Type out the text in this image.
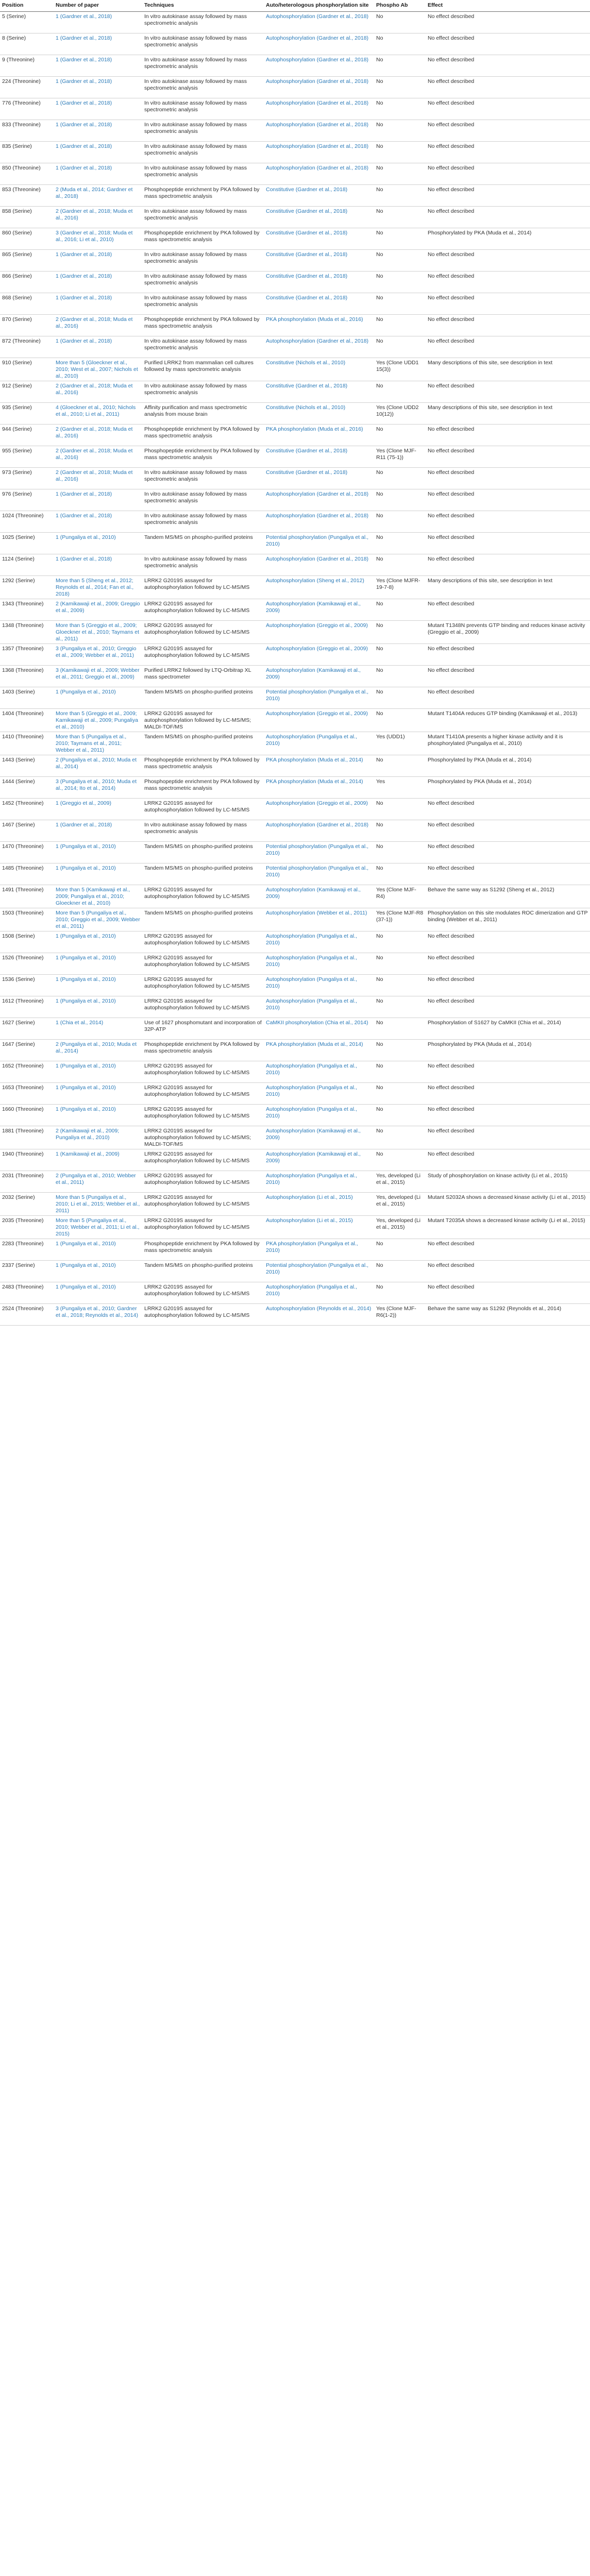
Position	Number of paper	Techniques	Auto/heterologous phosphorylation site	Phospho Ab	Effect
5 (Serine)	1 (Gardner et al., 2018)	In vitro autokinase assay followed by mass spectrometric analysis	Autophosphorylation (Gardner et al., 2018)	No	No effect described
8 (Serine)	1 (Gardner et al., 2018)	In vitro autokinase assay followed by mass spectrometric analysis	Autophosphorylation (Gardner et al., 2018)	No	No effect described
9 (Threonine)	1 (Gardner et al., 2018)	In vitro autokinase assay followed by mass spectrometric analysis	Autophosphorylation (Gardner et al., 2018)	No	No effect described
224 (Threonine)	1 (Gardner et al., 2018)	In vitro autokinase assay followed by mass spectrometric analysis	Autophosphorylation (Gardner et al., 2018)	No	No effect described
776 (Threonine)	1 (Gardner et al., 2018)	In vitro autokinase assay followed by mass spectrometric analysis	Autophosphorylation (Gardner et al., 2018)	No	No effect described
833 (Threonine)	1 (Gardner et al., 2018)	In vitro autokinase assay followed by mass spectrometric analysis	Autophosphorylation (Gardner et al., 2018)	No	No effect described
835 (Serine)	1 (Gardner et al., 2018)	In vitro autokinase assay followed by mass spectrometric analysis	Autophosphorylation (Gardner et al., 2018)	No	No effect described
850 (Threonine)	1 (Gardner et al., 2018)	In vitro autokinase assay followed by mass spectrometric analysis	Autophosphorylation (Gardner et al., 2018)	No	No effect described
853 (Threonine)	2 (Muda et al., 2014; Gardner et al., 2018)	Phosphopeptide enrichment by PKA followed by mass spectrometric analysis	Constitutive (Gardner et al., 2018)	No	No effect described
858 (Serine)	2 (Gardner et al., 2018; Muda et al., 2016)	In vitro autokinase assay followed by mass spectrometric analysis	Constitutive (Gardner et al., 2018)	No	No effect described
860 (Serine)	3 (Gardner et al., 2018; Muda et al., 2016; Li et al., 2010)	Phosphopeptide enrichment by PKA followed by mass spectrometric analysis	Constitutive (Gardner et al., 2018)	No	Phosphorylated by PKA (Muda et al., 2014)
865 (Serine)	1 (Gardner et al., 2018)	In vitro autokinase assay followed by mass spectrometric analysis	Constitutive (Gardner et al., 2018)	No	No effect described
866 (Serine)	1 (Gardner et al., 2018)	In vitro autokinase assay followed by mass spectrometric analysis	Constitutive (Gardner et al., 2018)	No	No effect described
868 (Serine)	1 (Gardner et al., 2018)	In vitro autokinase assay followed by mass spectrometric analysis	Constitutive (Gardner et al., 2018)	No	No effect described
870 (Serine)	2 (Gardner et al., 2018; Muda et al., 2016)	Phosphopeptide enrichment by PKA followed by mass spectrometric analysis	PKA phosphorylation (Muda et al., 2016)	No	No effect described
872 (Threonine)	1 (Gardner et al., 2018)	In vitro autokinase assay followed by mass spectrometric analysis	Autophosphorylation (Gardner et al., 2018)	No	No effect described
910 (Serine)	More than 5 (Gloeckner et al., 2010; West et al., 2007; Nichols et al., 2010)	Purified LRRK2 from mammalian cell cultures followed by mass spectrometric analysis	Constitutive (Nichols et al., 2010)	Yes (Clone UDD1 15(3))	Many descriptions of this site, see description in text
912 (Serine)	2 (Gardner et al., 2018; Muda et al., 2016)	In vitro autokinase assay followed by mass spectrometric analysis	Constitutive (Gardner et al., 2018)	No	No effect described
935 (Serine)	4 (Gloeckner et al., 2010; Nichols et al., 2010; Li et al., 2011)	Affinity purification and mass spectrometric analysis from mouse brain	Constitutive (Nichols et al., 2010)	Yes (Clone UDD2 10(12))	Many descriptions of this site, see description in text
944 (Serine)	2 (Gardner et al., 2018; Muda et al., 2016)	Phosphopeptide enrichment by PKA followed by mass spectrometric analysis	PKA phosphorylation (Muda et al., 2016)	No	No effect described
955 (Serine)	2 (Gardner et al., 2018; Muda et al., 2016)	Phosphopeptide enrichment by PKA followed by mass spectrometric analysis	Constitutive (Gardner et al., 2018)	Yes (Clone MJF-R11 (75-1))	No effect described
973 (Serine)	2 (Gardner et al., 2018; Muda et al., 2016)	In vitro autokinase assay followed by mass spectrometric analysis	Constitutive (Gardner et al., 2018)	No	No effect described
976 (Serine)	1 (Gardner et al., 2018)	In vitro autokinase assay followed by mass spectrometric analysis	Autophosphorylation (Gardner et al., 2018)	No	No effect described
1024 (Threonine)	1 (Gardner et al., 2018)	In vitro autokinase assay followed by mass spectrometric analysis	Autophosphorylation (Gardner et al., 2018)	No	No effect described
1025 (Serine)	1 (Pungaliya et al., 2010)	Tandem MS/MS on phospho-purified proteins	Potential phosphorylation (Pungaliya et al., 2010)	No	No effect described
1124 (Serine)	1 (Gardner et al., 2018)	In vitro autokinase assay followed by mass spectrometric analysis	Autophosphorylation (Gardner et al., 2018)	No	No effect described
1292 (Serine)	More than 5 (Sheng et al., 2012; Reynolds et al., 2014; Fan et al., 2018)	LRRK2 G2019S assayed for autophosphorylation followed by LC-MS/MS	Autophosphorylation (Sheng et al., 2012)	Yes (Clone MJFR-19-7-8)	Many descriptions of this site, see description in text
1343 (Threonine)	2 (Kamikawaji et al., 2009; Greggio et al., 2009)	LRRK2 G2019S assayed for autophosphorylation followed by LC-MS/MS	Autophosphorylation (Kamikawaji et al., 2009)	No	No effect described
1348 (Threonine)	More than 5 (Greggio et al., 2009; Gloeckner et al., 2010; Taymans et al., 2011)	LRRK2 G2019S assayed for autophosphorylation followed by LC-MS/MS	Autophosphorylation (Greggio et al., 2009)	No	Mutant T1348N prevents GTP binding and reduces kinase activity (Greggio et al., 2009)
1357 (Threonine)	3 (Pungaliya et al., 2010; Greggio et al., 2009; Webber et al., 2011)	LRRK2 G2019S assayed for autophosphorylation followed by LC-MS/MS	Autophosphorylation (Greggio et al., 2009)	No	No effect described
1368 (Threonine)	3 (Kamikawaji et al., 2009; Webber et al., 2011; Greggio et al., 2009)	Purified LRRK2 followed by LTQ-Orbitrap XL mass spectrometer	Autophosphorylation (Kamikawaji et al., 2009)	No	No effect described
1403 (Serine)	1 (Pungaliya et al., 2010)	Tandem MS/MS on phospho-purified proteins	Potential phosphorylation (Pungaliya et al., 2010)	No	No effect described
1404 (Threonine)	More than 5 (Greggio et al., 2009; Kamikawaji et al., 2009; Pungaliya et al., 2010)	LRRK2 G2019S assayed for autophosphorylation followed by LC-MS/MS; MALDI-TOF/MS	Autophosphorylation (Greggio et al., 2009)	No	Mutant T1404A reduces GTP binding (Kamikawaji et al., 2013)
1410 (Threonine)	More than 5 (Pungaliya et al., 2010; Taymans et al., 2011; Webber et al., 2011)	Tandem MS/MS on phospho-purified proteins	Autophosphorylation (Pungaliya et al., 2010)	Yes (UDD1)	Mutant T1410A presents a higher kinase activity and it is phosphorylated (Pungaliya et al., 2010)
1443 (Serine)	2 (Pungaliya et al., 2010; Muda et al., 2014)	Phosphopeptide enrichment by PKA followed by mass spectrometric analysis	PKA phosphorylation (Muda et al., 2014)	No	Phosphorylated by PKA (Muda et al., 2014)
1444 (Serine)	3 (Pungaliya et al., 2010; Muda et al., 2014; Ito et al., 2014)	Phosphopeptide enrichment by PKA followed by mass spectrometric analysis	PKA phosphorylation (Muda et al., 2014)	Yes	Phosphorylated by PKA (Muda et al., 2014)
1452 (Threonine)	1 (Greggio et al., 2009)	LRRK2 G2019S assayed for autophosphorylation followed by LC-MS/MS	Autophosphorylation (Greggio et al., 2009)	No	No effect described
1467 (Serine)	1 (Gardner et al., 2018)	In vitro autokinase assay followed by mass spectrometric analysis	Autophosphorylation (Gardner et al., 2018)	No	No effect described
1470 (Threonine)	1 (Pungaliya et al., 2010)	Tandem MS/MS on phospho-purified proteins	Potential phosphorylation (Pungaliya et al., 2010)	No	No effect described
1485 (Threonine)	1 (Pungaliya et al., 2010)	Tandem MS/MS on phospho-purified proteins	Potential phosphorylation (Pungaliya et al., 2010)	No	No effect described
1491 (Threonine)	More than 5 (Kamikawaji et al., 2009; Pungaliya et al., 2010; Gloeckner et al., 2010)	LRRK2 G2019S assayed for autophosphorylation followed by LC-MS/MS	Autophosphorylation (Kamikawaji et al., 2009)	Yes (Clone MJF-R4)	Behave the same way as S1292 (Sheng et al., 2012)
1503 (Threonine)	More than 5 (Pungaliya et al., 2010; Greggio et al., 2009; Webber et al., 2011)	Tandem MS/MS on phospho-purified proteins	Autophosphorylation (Webber et al., 2011)	Yes (Clone MJF-R8 (37-1))	Phosphorylation on this site modulates ROC dimerization and GTP binding (Webber et al., 2011)
1508 (Serine)	1 (Pungaliya et al., 2010)	LRRK2 G2019S assayed for autophosphorylation followed by LC-MS/MS	Autophosphorylation (Pungaliya et al., 2010)	No	No effect described
1526 (Threonine)	1 (Pungaliya et al., 2010)	LRRK2 G2019S assayed for autophosphorylation followed by LC-MS/MS	Autophosphorylation (Pungaliya et al., 2010)	No	No effect described
1536 (Serine)	1 (Pungaliya et al., 2010)	LRRK2 G2019S assayed for autophosphorylation followed by LC-MS/MS	Autophosphorylation (Pungaliya et al., 2010)	No	No effect described
1612 (Threonine)	1 (Pungaliya et al., 2010)	LRRK2 G2019S assayed for autophosphorylation followed by LC-MS/MS	Autophosphorylation (Pungaliya et al., 2010)	No	No effect described
1627 (Serine)	1 (Chia et al., 2014)	Use of 1627 phosphomutant and incorporation of 32P-ATP	CaMKII phosphorylation (Chia et al., 2014)	No	Phosphorylation of S1627 by CaMKII (Chia et al., 2014)
1647 (Serine)	2 (Pungaliya et al., 2010; Muda et al., 2014)	Phosphopeptide enrichment by PKA followed by mass spectrometric analysis	PKA phosphorylation (Muda et al., 2014)	No	Phosphorylated by PKA (Muda et al., 2014)
1652 (Threonine)	1 (Pungaliya et al., 2010)	LRRK2 G2019S assayed for autophosphorylation followed by LC-MS/MS	Autophosphorylation (Pungaliya et al., 2010)	No	No effect described
1653 (Threonine)	1 (Pungaliya et al., 2010)	LRRK2 G2019S assayed for autophosphorylation followed by LC-MS/MS	Autophosphorylation (Pungaliya et al., 2010)	No	No effect described
1660 (Threonine)	1 (Pungaliya et al., 2010)	LRRK2 G2019S assayed for autophosphorylation followed by LC-MS/MS	Autophosphorylation (Pungaliya et al., 2010)	No	No effect described
1881 (Threonine)	2 (Kamikawaji et al., 2009; Pungaliya et al., 2010)	LRRK2 G2019S assayed for autophosphorylation followed by LC-MS/MS; MALDI-TOF/MS	Autophosphorylation (Kamikawaji et al., 2009)	No	No effect described
1940 (Threonine)	1 (Kamikawaji et al., 2009)	LRRK2 G2019S assayed for autophosphorylation followed by LC-MS/MS	Autophosphorylation (Kamikawaji et al., 2009)	No	No effect described
2031 (Threonine)	2 (Pungaliya et al., 2010; Webber et al., 2011)	LRRK2 G2019S assayed for autophosphorylation followed by LC-MS/MS	Autophosphorylation (Pungaliya et al., 2010)	Yes, developed (Li et al., 2015)	Study of phosphorylation on kinase activity (Li et al., 2015)
2032 (Serine)	More than 5 (Pungaliya et al., 2010; Li et al., 2015; Webber et al., 2011)	LRRK2 G2019S assayed for autophosphorylation followed by LC-MS/MS	Autophosphorylation (Li et al., 2015)	Yes, developed (Li et al., 2015)	Mutant S2032A shows a decreased kinase activity (Li et al., 2015)
2035 (Threonine)	More than 5 (Pungaliya et al., 2010; Webber et al., 2011; Li et al., 2015)	LRRK2 G2019S assayed for autophosphorylation followed by LC-MS/MS	Autophosphorylation (Li et al., 2015)	Yes, developed (Li et al., 2015)	Mutant T2035A shows a decreased kinase activity (Li et al., 2015)
2283 (Threonine)	1 (Pungaliya et al., 2010)	Phosphopeptide enrichment by PKA followed by mass spectrometric analysis	PKA phosphorylation (Pungaliya et al., 2010)	No	No effect described
2337 (Serine)	1 (Pungaliya et al., 2010)	Tandem MS/MS on phospho-purified proteins	Potential phosphorylation (Pungaliya et al., 2010)	No	No effect described
2483 (Threonine)	1 (Pungaliya et al., 2010)	LRRK2 G2019S assayed for autophosphorylation followed by LC-MS/MS	Autophosphorylation (Pungaliya et al., 2010)	No	No effect described
2524 (Threonine)	3 (Pungaliya et al., 2010; Gardner et al., 2018; Reynolds et al., 2014)	LRRK2 G2019S assayed for autophosphorylation followed by LC-MS/MS	Autophosphorylation (Reynolds et al., 2014)	Yes (Clone MJF-R6(1-2))	Behave the same way as S1292 (Reynolds et al., 2014)
